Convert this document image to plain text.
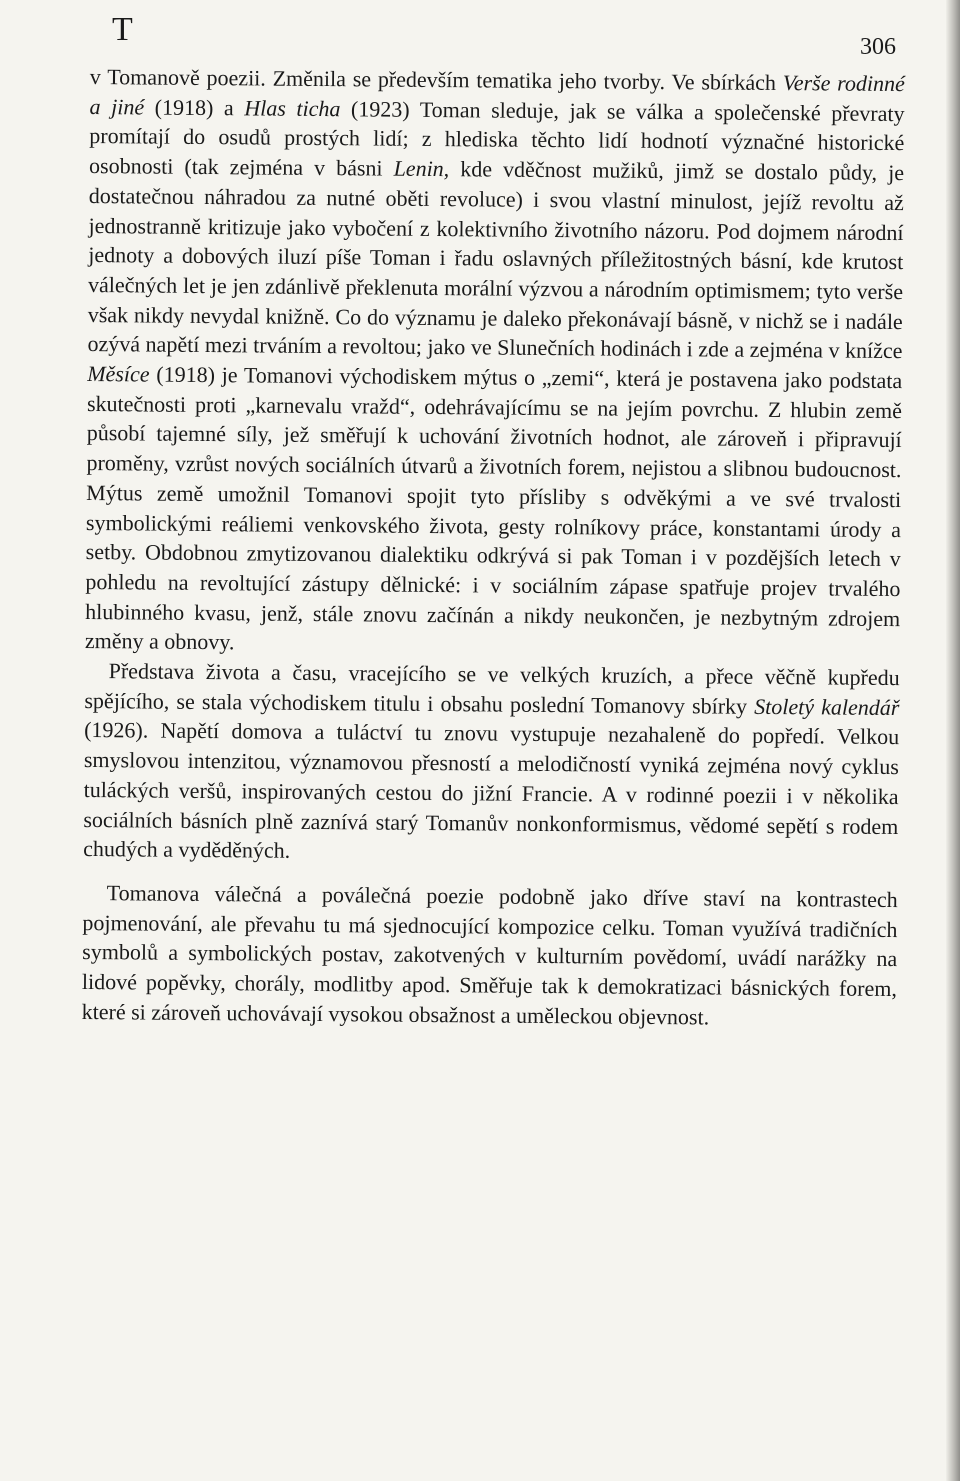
T	306

v Tomanově poezii. Změnila se především tematika jeho tvorby. Ve sbírkách Verše rodinné a jiné (1918) a Hlas ticha (1923) Toman sleduje, jak se válka a společenské převraty promítají do osudů prostých lidí; z hlediska těchto lidí hodnotí význačné historické osobnosti (tak zejména v básni Lenin, kde vděčnost mužiků, jimž se dostalo půdy, je dostatečnou náhradou za nutné oběti revoluce) i svou vlastní minulost, jejíž revoltu až jednostranně kritizuje jako vybočení z kolektivního životního názoru. Pod dojmem národní jednoty a dobových iluzí píše Toman i řadu oslavných příležitostných básní, kde krutost válečných let je jen zdánlivě překlenuta morální výzvou a národním optimismem; tyto verše však nikdy nevydal knižně. Co do významu je daleko překonávají básně, v nichž se i nadále ozývá napětí mezi trváním a revoltou; jako ve Slunečních hodinách i zde a zejména v knížce Měsíce (1918) je Tomanovi východiskem mýtus o „zemi“, která je postavena jako podstata skutečnosti proti „karnevalu vražd“, odehrávajícímu se na jejím povrchu. Z hlubin země působí tajemné síly, jež směřují k uchování životních hodnot, ale zároveň i připravují proměny, vzrůst nových sociálních útvarů a životních forem, nejistou a slibnou budoucnost. Mýtus země umožnil Tomanovi spojit tyto přísliby s odvěkými a ve své trvalosti symbolickými reáliemi venkovského života, gesty rolníkovy práce, konstantami úrody a setby. Obdobnou zmytizovanou dialektiku odkrývá si pak Toman i v pozdějších letech v pohledu na revoltující zástupy dělnické: i v sociálním zápase spatřuje projev trvalého hlubinného kvasu, jenž, stále znovu začínán a nikdy neukončen, je nezbytným zdrojem změny a obnovy.

Představa života a času, vracejícího se ve velkých kruzích, a přece věčně kupředu spějícího, se stala východiskem titulu i obsahu poslední Tomanovy sbírky Stoletý kalendář (1926). Napětí domova a tuláctví tu znovu vystupuje nezahaleně do popředí. Velkou smyslovou intenzitou, významovou přesností a melodičností vyniká zejména nový cyklus tuláckých veršů, inspirovaných cestou do jižní Francie. A v rodinné poezii i v několika sociálních básních plně zaznívá starý Tomanův nonkonformismus, vědomé sepětí s rodem chudých a vyděděných.

Tomanova válečná a poválečná poezie podobně jako dříve staví na kontrastech pojmenování, ale převahu tu má sjednocující kompozice celku. Toman využívá tradičních symbolů a symbolických postav, zakotvených v kulturním povědomí, uvádí narážky na lidové popěvky, chorály, modlitby apod. Směřuje tak k demokratizaci básnických forem, které si zároveň uchovávají vysokou obsažnost a uměleckou objevnost.
